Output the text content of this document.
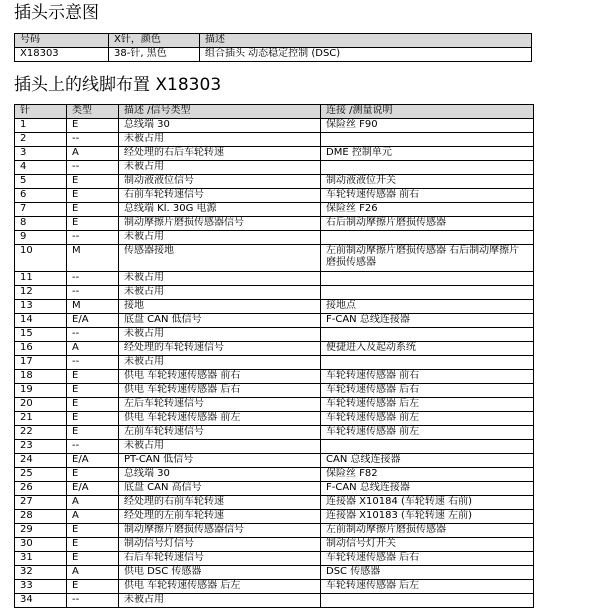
插头示意图
号码	X针，颜色	描述
X18303	38-针, 黑色	组合插头 动态稳定控制 (DSC)
插头上的线脚布置 X18303
针	类型	描述 /信号类型	连接 /测量说明
1	E	总线端 30	保险丝 F90
2	--	未被占用	
3	A	经处理的右后车轮转速	DME 控制单元
4	--	未被占用	
5	E	制动液液位信号	制动液液位开关
6	E	右前车轮转速信号	车轮转速传感器 前右
7	E	总线端 Kl. 30G 电源	保险丝 F26
8	E	制动摩擦片磨损传感器信号	右后制动摩擦片磨损传感器
9	--	未被占用	
10	M	传感器接地	左前制动摩擦片磨损传感器 右后制动摩擦片磨损传感器
11	--	未被占用	
12	--	未被占用	
13	M	接地	接地点
14	E/A	底盘 CAN 低信号	F-CAN 总线连接器
15	--	未被占用	
16	A	经处理的车轮转速信号	便捷进入及起动系统
17	--	未被占用	
18	E	供电 车轮转速传感器 前右	车轮转速传感器 前右
19	E	供电 车轮转速传感器 后右	车轮转速传感器 后右
20	E	左后车轮转速信号	车轮转速传感器 后左
21	E	供电 车轮转速传感器 前左	车轮转速传感器 前左
22	E	左前车轮转速信号	车轮转速传感器 前左
23	--	未被占用	
24	E/A	PT-CAN 低信号	CAN 总线连接器
25	E	总线端 30	保险丝 F82
26	E/A	底盘 CAN 高信号	F-CAN 总线连接器
27	A	经处理的右前车轮转速	连接器 X10184 (车轮转速 右前)
28	A	经处理的左前车轮转速	连接器 X10183 (车轮转速 左前)
29	E	制动摩擦片磨损传感器信号	左前制动摩擦片磨损传感器
30	E	制动信号灯信号	制动信号灯开关
31	E	右后车轮转速信号	车轮转速传感器 后右
32	A	供电 DSC 传感器	DSC 传感器
33	E	供电 车轮转速传感器 后左	车轮转速传感器 后左
34	--	未被占用	
